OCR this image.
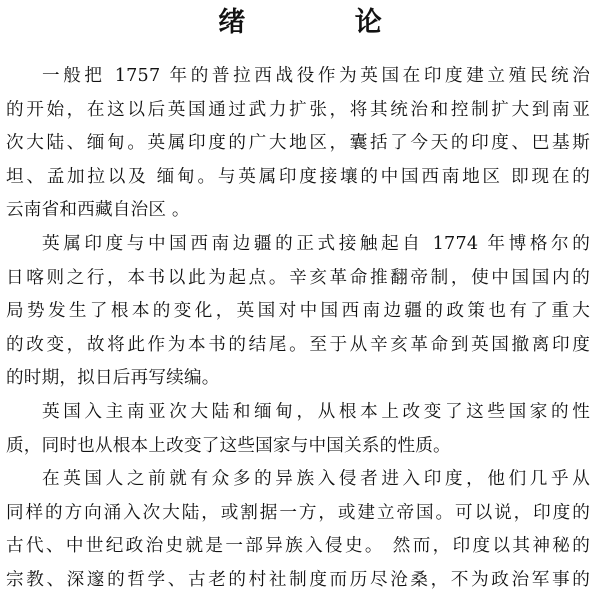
绪 论
一般把 1757 年的普拉西战役作为英国在印度建立殖民统治
的开始，在这以后英国通过武力扩张，将其统治和控制扩大到南亚
次大陆、缅甸。英属印度的广大地区，囊括了今天的印度、巴基斯
坦、孟加拉以及 缅甸。与英属印度接壤的中国西南地区 即现在的
云南省和西藏自治区 。
英属印度与中国西南边疆的正式接触起自 1774 年博格尔的
日喀则之行，本书以此为起点。辛亥革命推翻帝制，使中国国内的
局势发生了根本的变化，英国对中国西南边疆的政策也有了重大
的改变，故将此作为本书的结尾。至于从辛亥革命到英国撤离印度
的时期，拟日后再写续编。
英国入主南亚次大陆和缅甸，从根本上改变了这些国家的性
质，同时也从根本上改变了这些国家与中国关系的性质。
在英国人之前就有众多的异族入侵者进入印度，他们几乎从
同样的方向涌入次大陆，或割据一方，或建立帝国。可以说，印度的
古代、中世纪政治史就是一部异族入侵史。 然而，印度以其神秘的
宗教、深邃的哲学、古老的村社制度而历尽沧桑，不为政治军事的
